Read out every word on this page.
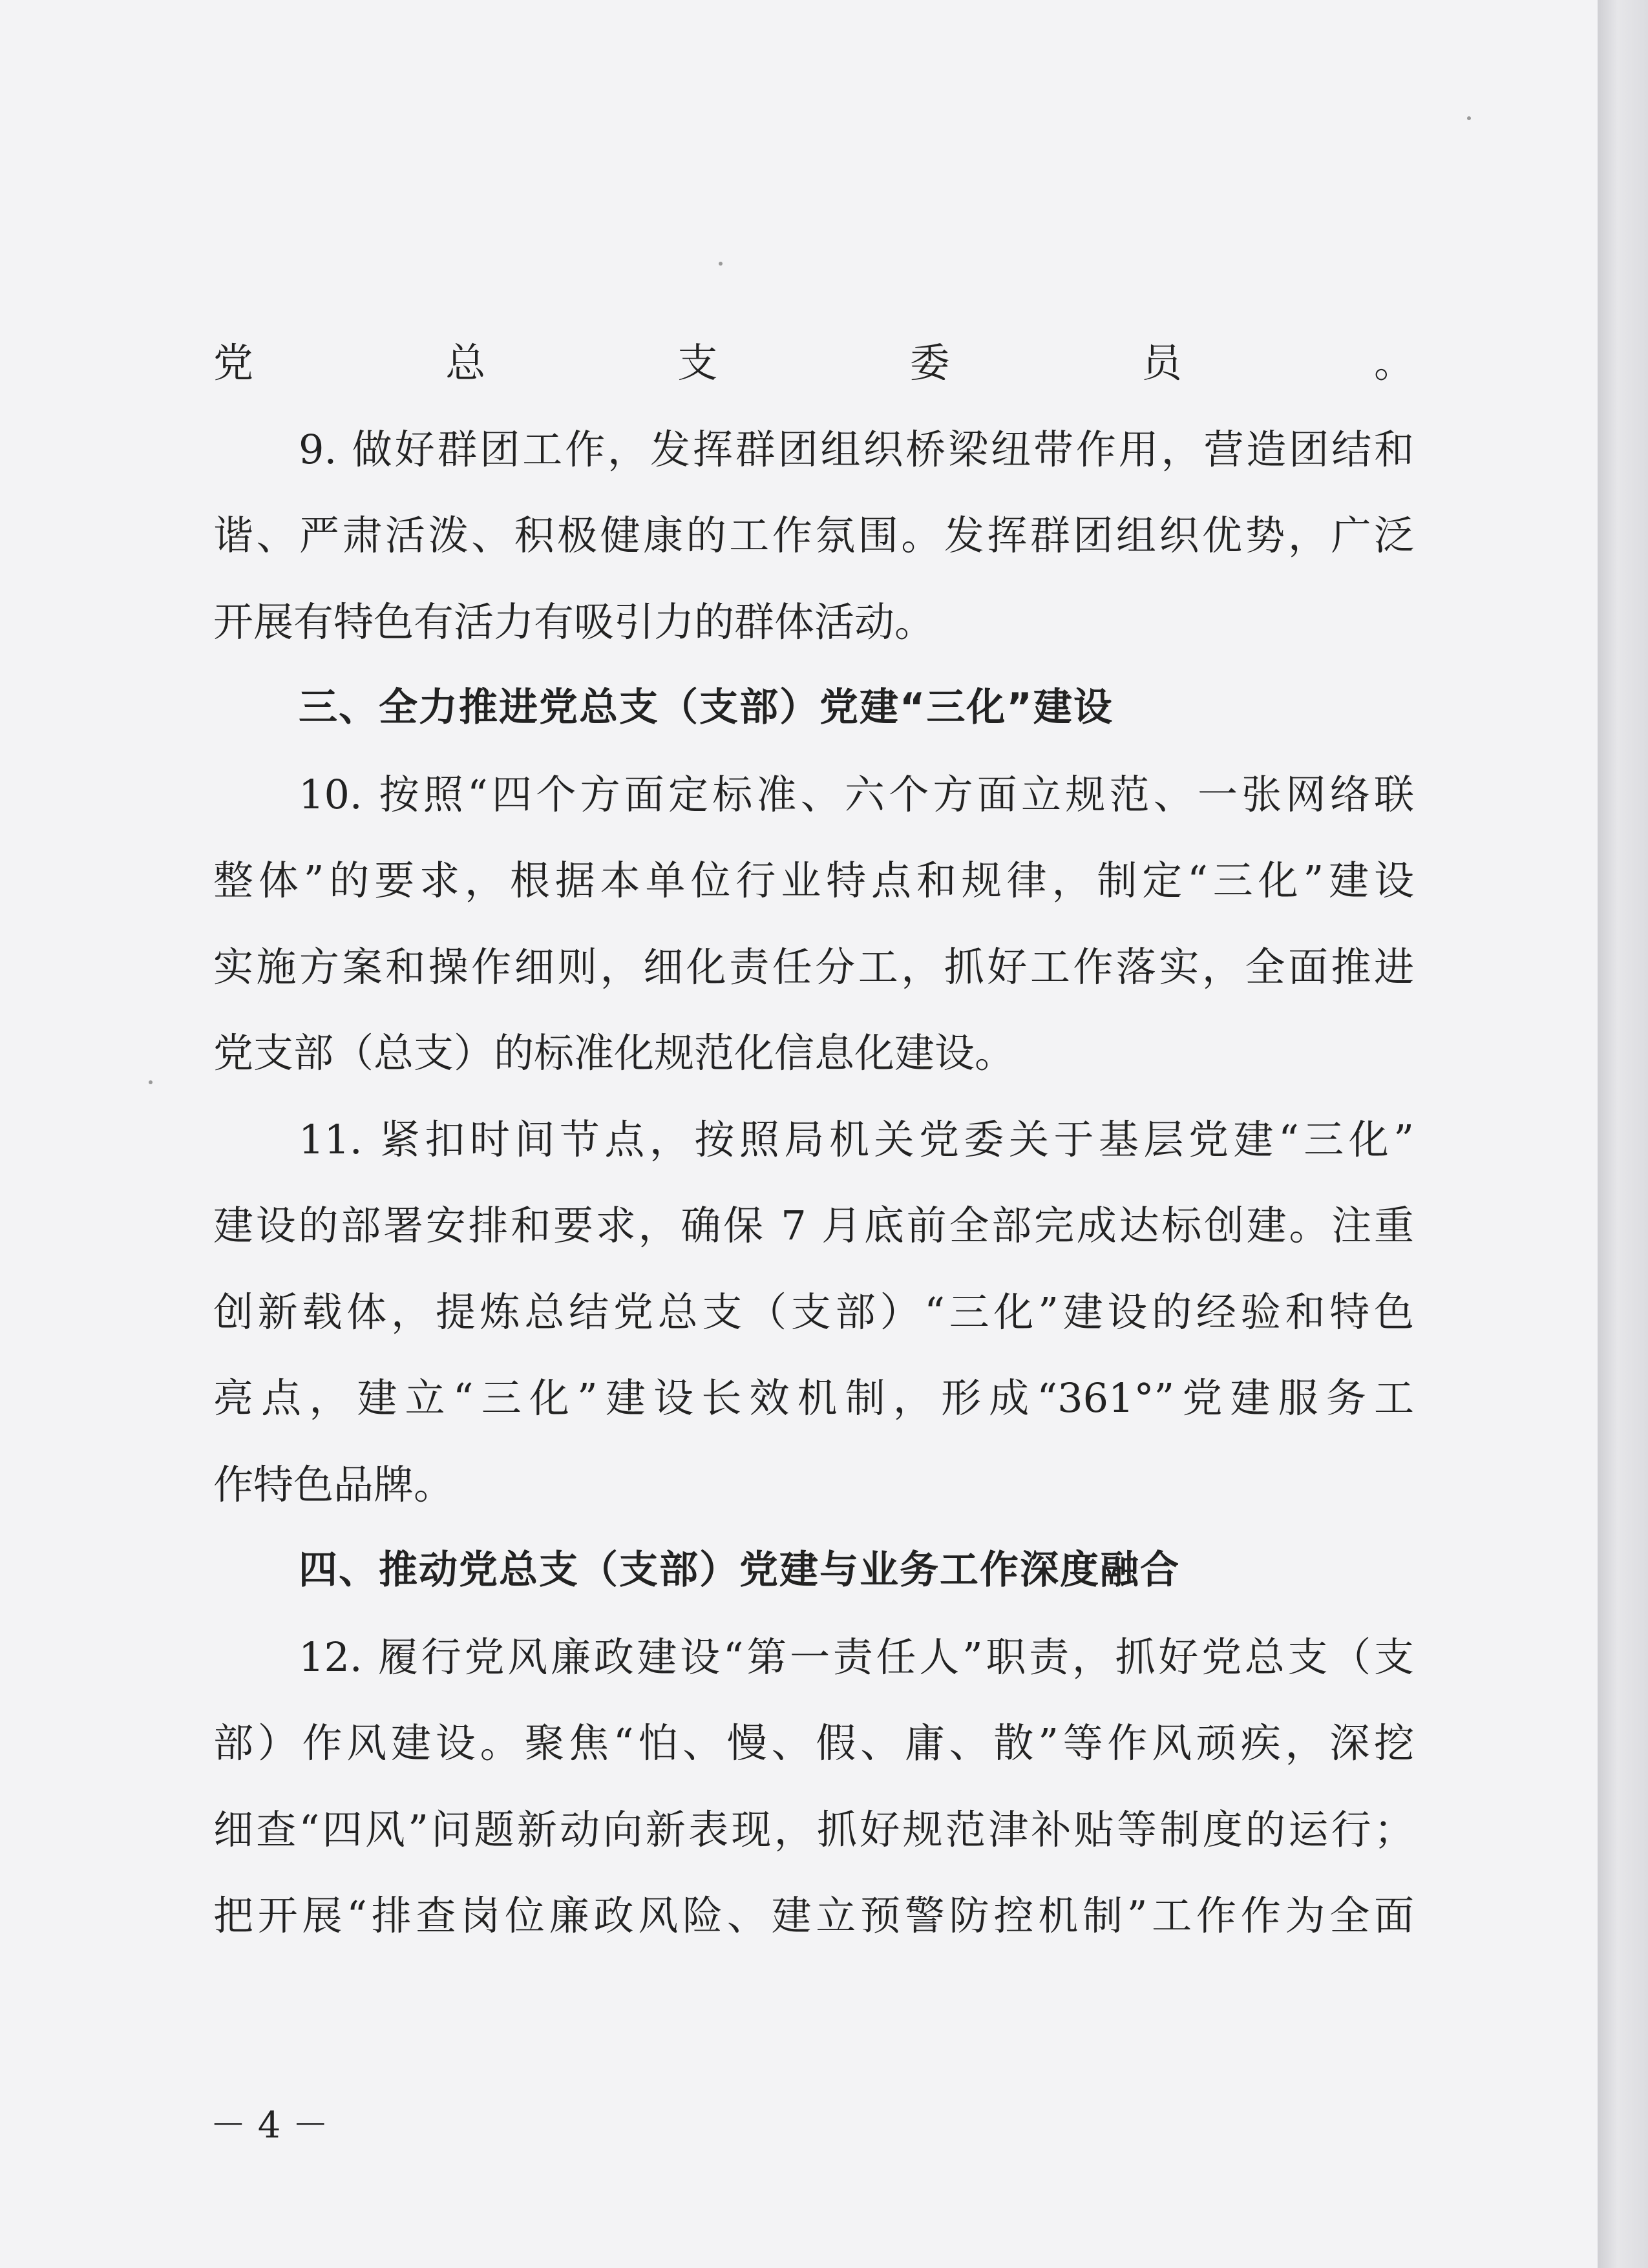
党总支委员。

9. 做好群团工作，发挥群团组织桥梁纽带作用，营造团结和

谐、严肃活泼、积极健康的工作氛围。发挥群团组织优势，广泛

开展有特色有活力有吸引力的群体活动。

三、全力推进党总支（支部）党建“三化”建设

10. 按照“四个方面定标准、六个方面立规范、一张网络联

整体”的要求，根据本单位行业特点和规律，制定“三化”建设

实施方案和操作细则，细化责任分工，抓好工作落实，全面推进

党支部（总支）的标准化规范化信息化建设。

11. 紧扣时间节点，按照局机关党委关于基层党建“三化”

建设的部署安排和要求，确保 7 月底前全部完成达标创建。注重

创新载体，提炼总结党总支（支部）“三化”建设的经验和特色

亮点，建立“三化”建设长效机制，形成“361°”党建服务工

作特色品牌。

四、推动党总支（支部）党建与业务工作深度融合

12. 履行党风廉政建设“第一责任人”职责，抓好党总支（支

部）作风建设。聚焦“怕、慢、假、庸、散”等作风顽疾，深挖

细查“四风”问题新动向新表现，抓好规范津补贴等制度的运行；

把开展“排查岗位廉政风险、建立预警防控机制”工作作为全面

－ 4 －
